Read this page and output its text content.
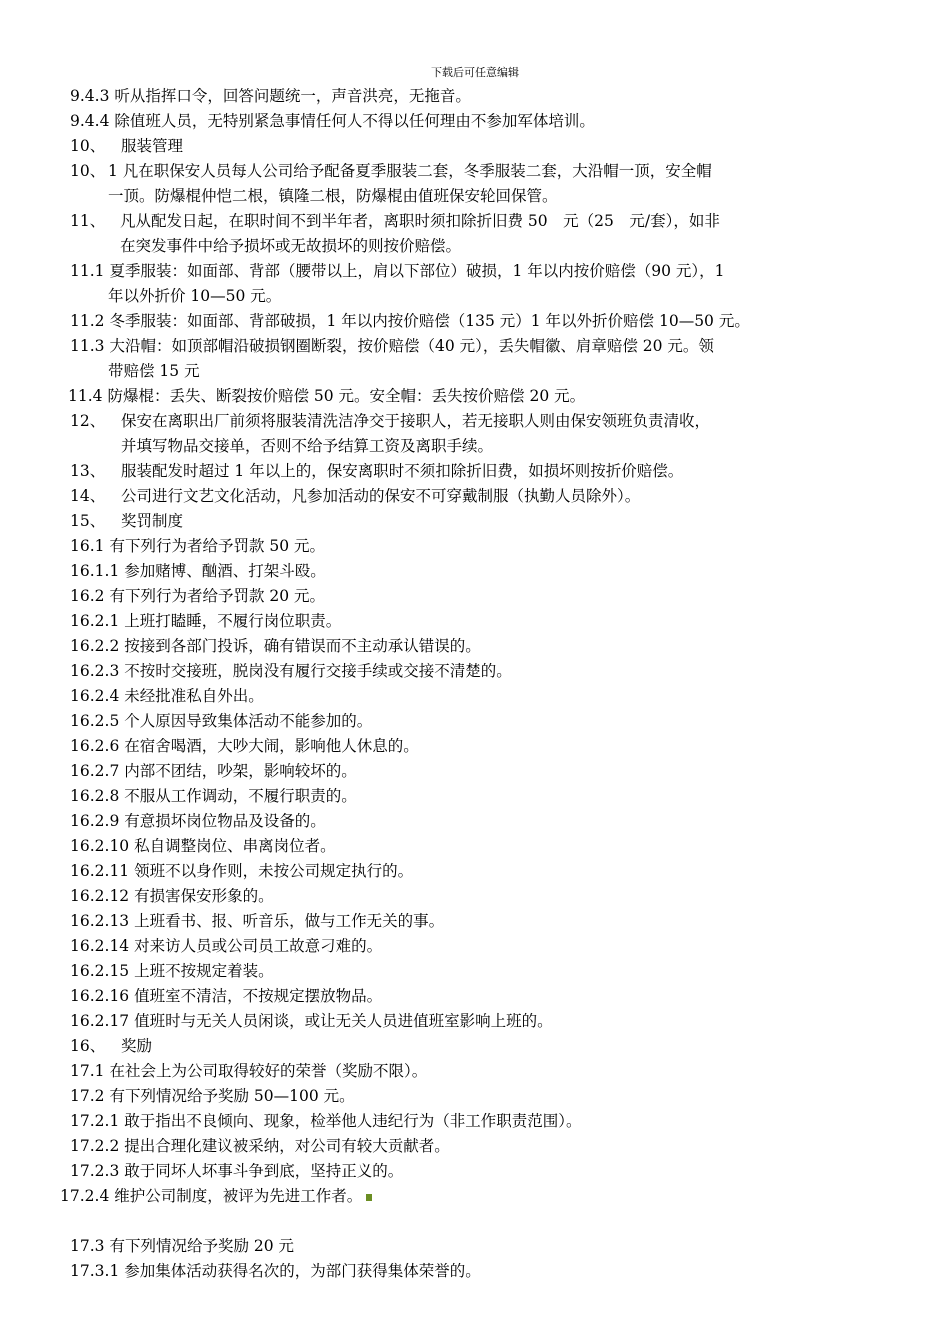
下载后可任意编辑
9.4.3 听从指挥口令，回答问题统一，声音洪亮，无拖音。
9.4.4 除值班人员，无特别紧急事情任何人不得以任何理由不参加军体培训。
10、 服装管理
10、 1 凡在职保安人员每人公司给予配备夏季服装二套，冬季服装二套，大沿帽一顶，安全帽
一顶。防爆棍仲恺二根，镇隆二根，防爆棍由值班保安轮回保管。
11、 凡从配发日起，在职时间不到半年者，离职时须扣除折旧费 50　元（25　元/套），如非
在突发事件中给予损坏或无故损坏的则按价赔偿。
11.1 夏季服装：如面部、背部（腰带以上，肩以下部位）破损，1 年以内按价赔偿（90 元），1
年以外折价 10—50 元。
11.2 冬季服装：如面部、背部破损，1 年以内按价赔偿（135 元）1 年以外折价赔偿 10—50 元。
11.3 大沿帽：如顶部帽沿破损钢圈断裂，按价赔偿（40 元），丢失帽徽、肩章赔偿 20 元。领
带赔偿 15 元
11.4 防爆棍：丢失、断裂按价赔偿 50 元。安全帽：丢失按价赔偿 20 元。
12、 保安在离职出厂前须将服装清洗洁净交于接职人，若无接职人则由保安领班负责清收，
并填写物品交接单，否则不给予结算工资及离职手续。
13、 服装配发时超过 1 年以上的，保安离职时不须扣除折旧费，如损坏则按折价赔偿。
14、 公司进行文艺文化活动，凡参加活动的保安不可穿戴制服（执勤人员除外）。
15、 奖罚制度
16.1 有下列行为者给予罚款 50 元。
16.1.1 参加赌博、酗酒、打架斗殴。
16.2 有下列行为者给予罚款 20 元。
16.2.1 上班打瞌睡，不履行岗位职责。
16.2.2 按接到各部门投诉，确有错误而不主动承认错误的。
16.2.3 不按时交接班，脱岗没有履行交接手续或交接不清楚的。
16.2.4 未经批准私自外出。
16.2.5 个人原因导致集体活动不能参加的。
16.2.6 在宿舍喝酒，大吵大闹，影响他人休息的。
16.2.7 内部不团结，吵架，影响较坏的。
16.2.8 不服从工作调动，不履行职责的。
16.2.9 有意损坏岗位物品及设备的。
16.2.10 私自调整岗位、串离岗位者。
16.2.11 领班不以身作则，未按公司规定执行的。
16.2.12 有损害保安形象的。
16.2.13 上班看书、报、听音乐，做与工作无关的事。
16.2.14 对来访人员或公司员工故意刁难的。
16.2.15 上班不按规定着装。
16.2.16 值班室不清洁，不按规定摆放物品。
16.2.17 值班时与无关人员闲谈，或让无关人员进值班室影响上班的。
16、 奖励
17.1 在社会上为公司取得较好的荣誉（奖励不限）。
17.2 有下列情况给予奖励 50—100 元。
17.2.1 敢于指出不良倾向、现象，检举他人违纪行为（非工作职责范围）。
17.2.2 提出合理化建议被采纳，对公司有较大贡献者。
17.2.3 敢于同坏人坏事斗争到底，坚持正义的。
17.2.4 维护公司制度，被评为先进工作者。
17.3 有下列情况给予奖励 20 元
17.3.1 参加集体活动获得名次的，为部门获得集体荣誉的。
